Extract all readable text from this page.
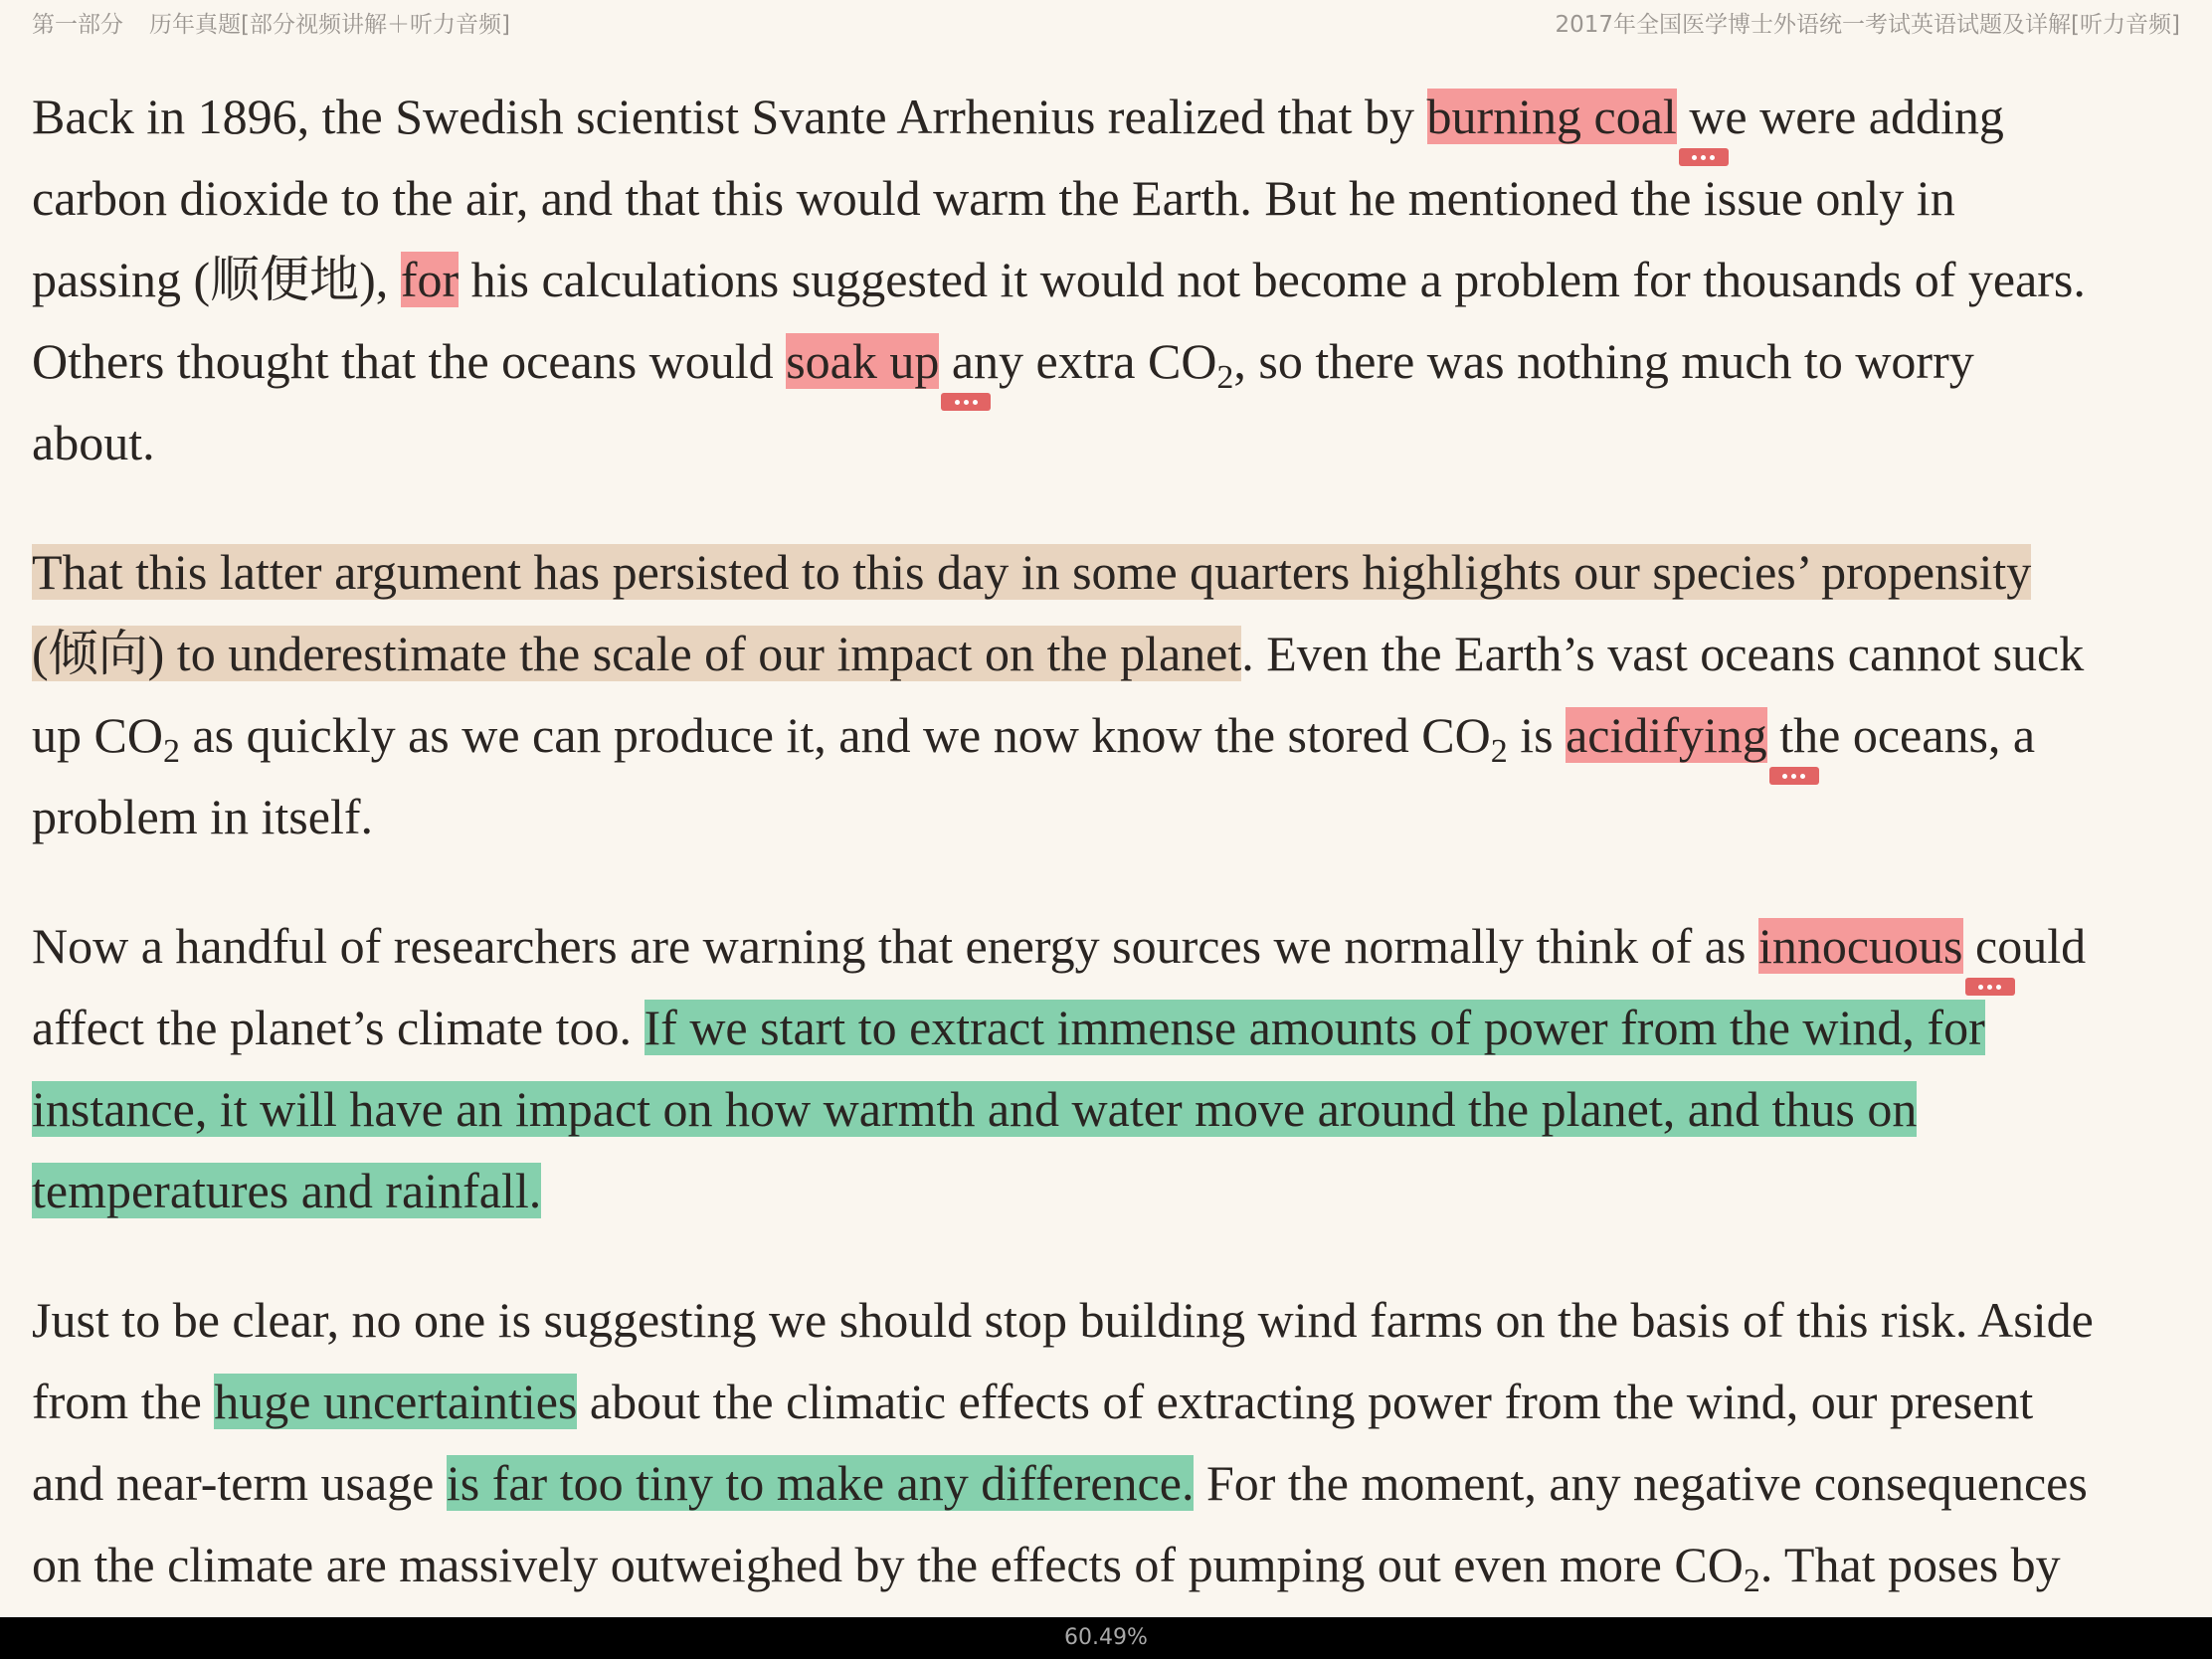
第一部分 历年真题[部分视频讲解＋听力音频]	2017年全国医学博士外语统一考试英语试题及详解[听力音频]
Back in 1896, the Swedish scientist Svante Arrhenius realized that by burning coal
we were adding
carbon dioxide to the air, and that this would warm the Earth. But he mentioned the issue only in
passing (顺便地), for his calculations suggested it would not become a problem for thousands of years.
Others thought that the oceans would soak up
any extra $CO_2$, so there was nothing much to worry
about.
That this latter argument has persisted to this day in some quarters highlights our species’ propensity
(倾向) to underestimate the scale of our impact on the planet. Even the Earth’s vast oceans cannot suck
up $CO_2$ as quickly as we can produce it, and we now know the stored $CO_2$ is acidifying
the oceans, a
problem in itself.
Now a handful of researchers are warning that energy sources we normally think of as innocuous
could
affect the planet’s climate too. If we start to extract immense amounts of power from the wind, for
instance, it will have an impact on how warmth and water move around the planet, and thus on
temperatures and rainfall.
Just to be clear, no one is suggesting we should stop building wind farms on the basis of this risk. Aside
from the huge uncertainties about the climatic effects of extracting power from the wind, our present
and near-term usage is far too tiny to make any difference. For the moment, any negative consequences
on the climate are massively outweighed by the effects of pumping out even more $CO_2$. That poses by
60.49%
